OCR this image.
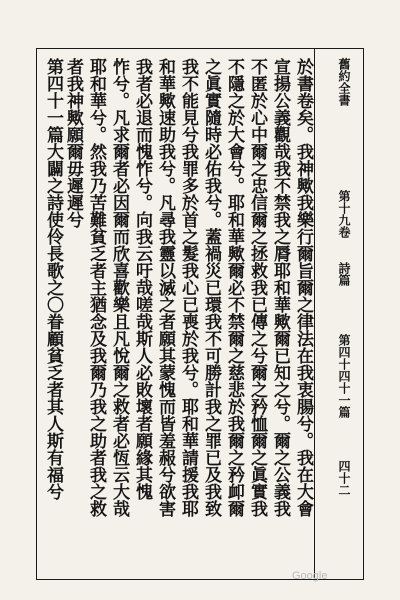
舊約全書
第十九卷
詩篇
第四十四十一篇
四十二
於書卷矣。我神歟我樂行爾旨爾之律法在我衷腸兮。我在大會
宣揚公義觀哉我不禁我之脣耶和華歟爾已知之兮。爾之公義我
不匿於心中爾之忠信爾之拯救我已傳之兮爾之矜恤爾之眞實我
不隱之於大會兮。耶和華歟爾必不禁爾之慈悲於我爾之矜卹爾
之眞實隨時必佑我兮。蓋禍災已環我不可勝計我之罪已及我致
我不能見兮我罪多於首之髮我心已喪於我兮。耶和華請援我耶
和華歟速助我兮。凡尋我靈以滅之者願其蒙愧而皆羞赧兮欲害
我者必退而愧怍兮。向我云吁哉嗟哉斯人必敗壞者願緣其愧
怍兮。凡求爾者必因爾而欣喜歡樂且凡悅爾之救者必恆云大哉
耶和華兮。然我乃苦難貧乏者主猶念及我爾乃我之助者我之救
者我神歟願爾毋遲遲兮
第四十一篇大闢之詩使伶長歌之〇眷顧貧乏者其人斯有福兮
Google
